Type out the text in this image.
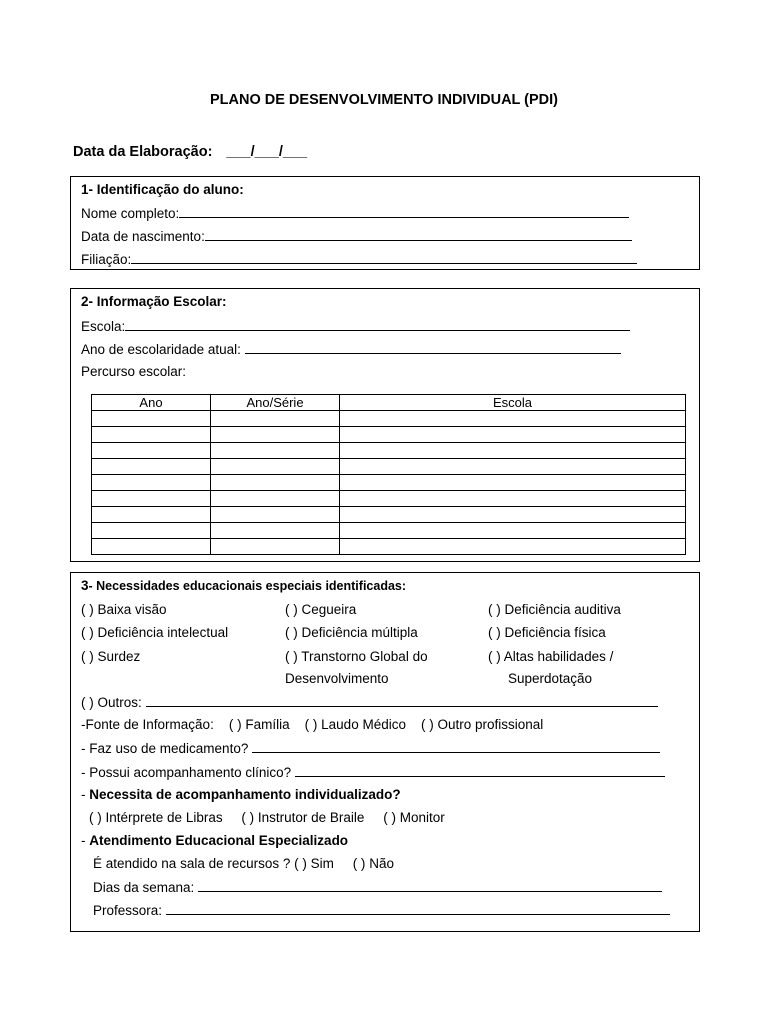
PLANO DE DESENVOLVIMENTO INDIVIDUAL (PDI)
Data da Elaboração: ___/___/___
1- Identificação do aluno:
Nome completo:
Data de nascimento:
Filiação:
2- Informação Escolar:
Escola:
Ano de escolaridade atual:
Percurso escolar:
Ano	Ano/Série	Escola

3- Necessidades educacionais especiais identificadas:
( ) Baixa visão	( ) Cegueira	( ) Deficiência auditiva
( ) Deficiência intelectual	( ) Deficiência múltipla	( ) Deficiência física
( ) Surdez	( ) Transtorno Global do	( ) Altas habilidades /
Desenvolvimento	Superdotação
( ) Outros:
-Fonte de Informação: ( ) Família ( ) Laudo Médico ( ) Outro profissional
- Faz uso de medicamento?
- Possui acompanhamento clínico?
- Necessita de acompanhamento individualizado?
( ) Intérprete de Libras ( ) Instrutor de Braile ( ) Monitor
- Atendimento Educacional Especializado
É atendido na sala de recursos ? ( ) Sim ( ) Não
Dias da semana:
Professora:
